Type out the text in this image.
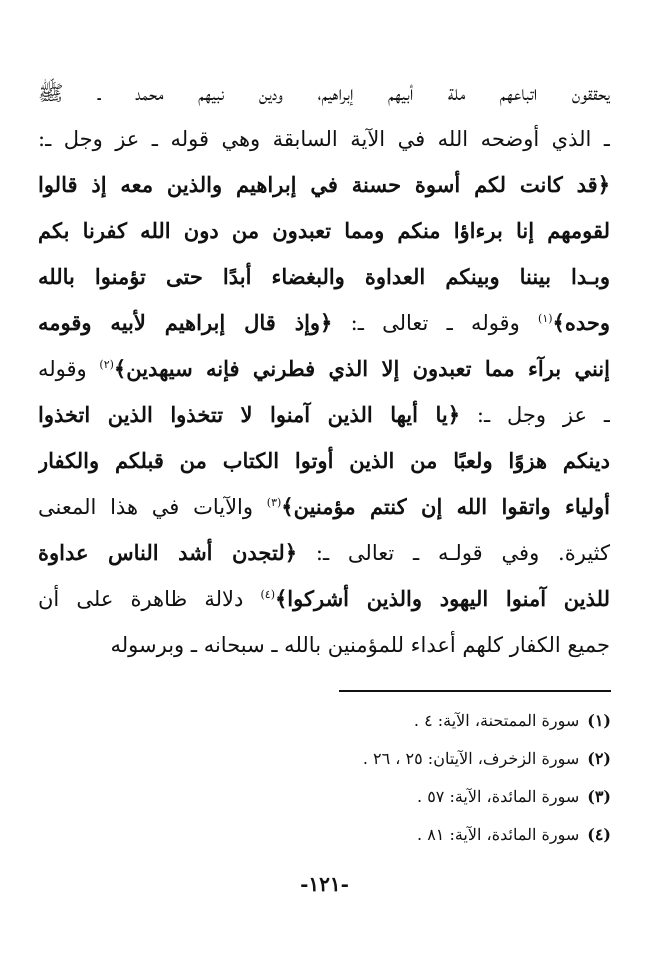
يحققون اتباعهم ملة أبيهم إبراهيم، ودين نبيهم محمد ـ ﷺ
ـ الذي أوضحه الله في الآية السابقة وهي قوله ـ عز وجل ـ:
﴿قد كانت لكم أسوة حسنة في إبراهيم والذين معه إذ قالوا
لقومهم إنا برءاؤا منكم ومما تعبدون من دون الله كفرنا بكم
وبـدا بيننا وبينكم العداوة والبغضاء أبدًا حتى تؤمنوا بالله
وحده﴾$^{(١)}$ وقوله ـ تعالى ـ: ﴿وإذ قال إبراهيم لأبيه وقومه
إنني برآء مما تعبدون إلا الذي فطرني فإنه سيهدين﴾$^{(٢)}$ وقوله
ـ عز وجل ـ: ﴿يا أيها الذين آمنوا لا تتخذوا الذين اتخذوا
دينكم هزوًا ولعبًا من الذين أوتوا الكتاب من قبلكم والكفار
أولياء واتقوا الله إن كنتم مؤمنين﴾$^{(٣)}$ والآيات في هذا المعنى
كثيرة. وفي قولـه ـ تعالى ـ: ﴿لتجدن أشد الناس عداوة
للذين آمنوا اليهود والذين أشركوا﴾$^{(٤)}$ دلالة ظاهرة على أن
جميع الكفار كلهم أعداء للمؤمنين بالله ـ سبحانه ـ وبرسوله
(١)سورة الممتحنة، الآية: ٤ .
(٢)سورة الزخرف، الآيتان: ٢٥ ، ٢٦ .
(٣)سورة المائدة، الآية: ٥٧ .
(٤)سورة المائدة، الآية: ٨١ .
-١٢١-
